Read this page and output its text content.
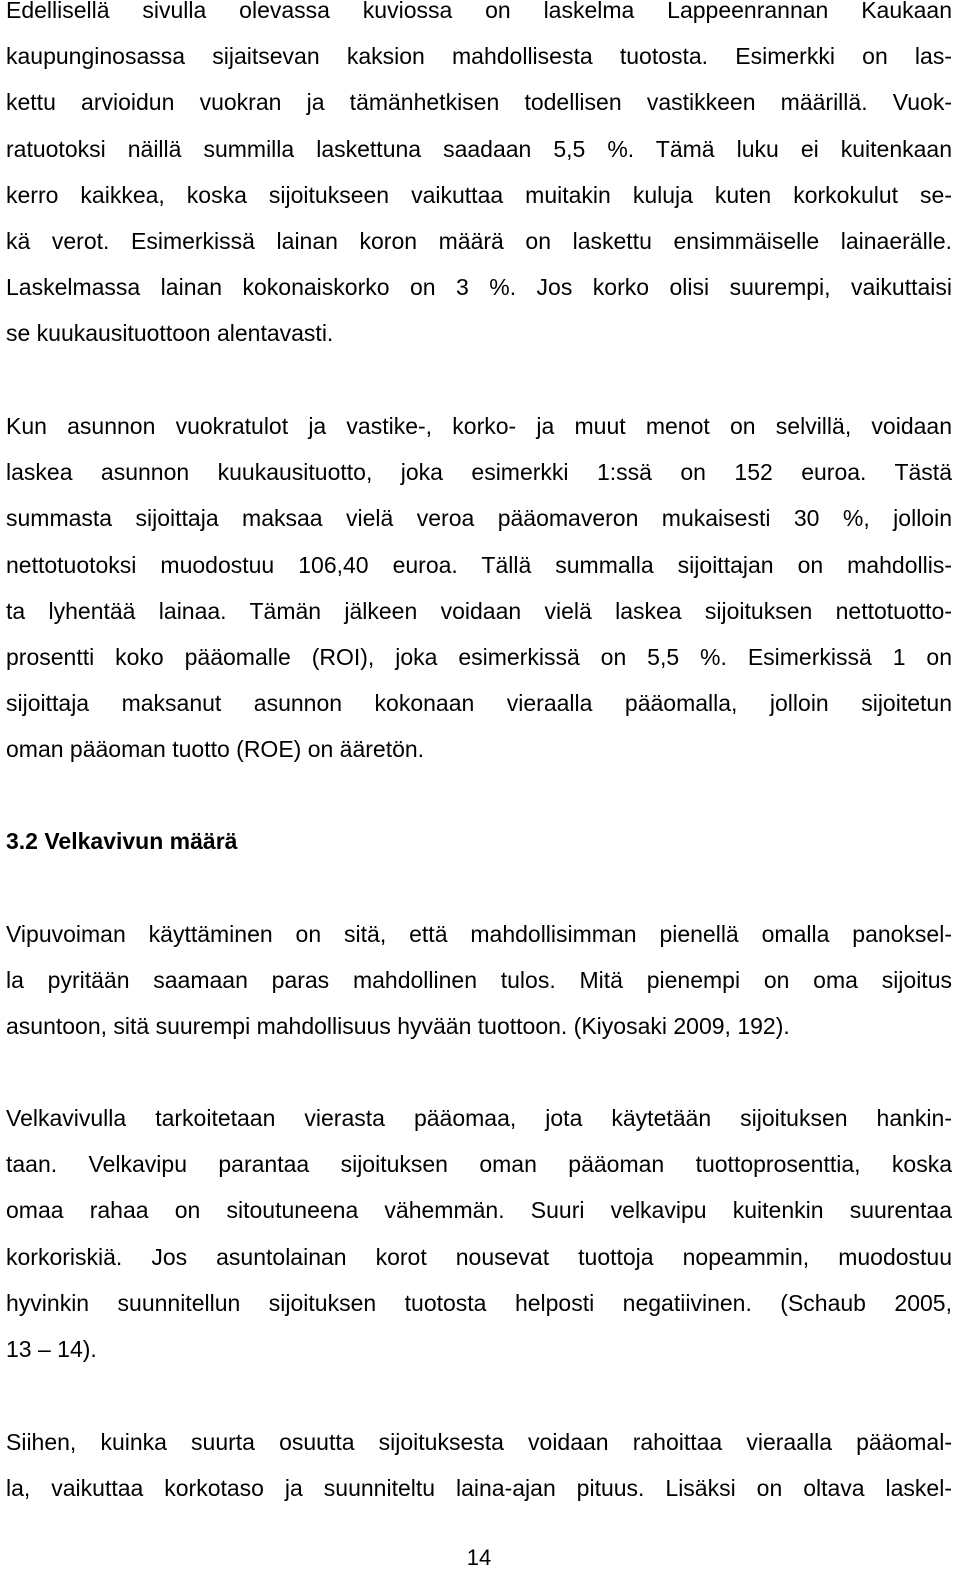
Edellisellä sivulla olevassa kuviossa on laskelma Lappeenrannan Kaukaan
kaupunginosassa sijaitsevan kaksion mahdollisesta tuotosta. Esimerkki on las-
kettu arvioidun vuokran ja tämänhetkisen todellisen vastikkeen määrillä. Vuok-
ratuotoksi näillä summilla laskettuna saadaan 5,5 %. Tämä luku ei kuitenkaan
kerro kaikkea, koska sijoitukseen vaikuttaa muitakin kuluja kuten korkokulut se-
kä verot. Esimerkissä lainan koron määrä on laskettu ensimmäiselle lainaerälle.
Laskelmassa lainan kokonaiskorko on 3 %. Jos korko olisi suurempi, vaikuttaisi
se kuukausituottoon alentavasti.

Kun asunnon vuokratulot ja vastike-, korko- ja muut menot on selvillä, voidaan
laskea asunnon kuukausituotto, joka esimerkki 1:ssä on 152 euroa. Tästä
summasta sijoittaja maksaa vielä veroa pääomaveron mukaisesti 30 %, jolloin
nettotuotoksi muodostuu 106,40 euroa. Tällä summalla sijoittajan on mahdollis-
ta lyhentää lainaa. Tämän jälkeen voidaan vielä laskea sijoituksen nettotuotto-
prosentti koko pääomalle (ROI), joka esimerkissä on 5,5 %. Esimerkissä 1 on
sijoittaja maksanut asunnon kokonaan vieraalla pääomalla, jolloin sijoitetun
oman pääoman tuotto (ROE) on ääretön.

3.2 Velkavivun määrä

Vipuvoiman käyttäminen on sitä, että mahdollisimman pienellä omalla panoksel-
la pyritään saamaan paras mahdollinen tulos. Mitä pienempi on oma sijoitus
asuntoon, sitä suurempi mahdollisuus hyvään tuottoon. (Kiyosaki 2009, 192).

Velkavivulla tarkoitetaan vierasta pääomaa, jota käytetään sijoituksen hankin-
taan. Velkavipu parantaa sijoituksen oman pääoman tuottoprosenttia, koska
omaa rahaa on sitoutuneena vähemmän. Suuri velkavipu kuitenkin suurentaa
korkoriskiä. Jos asuntolainan korot nousevat tuottoja nopeammin, muodostuu
hyvinkin suunnitellun sijoituksen tuotosta helposti negatiivinen. (Schaub 2005,
13 – 14).

Siihen, kuinka suurta osuutta sijoituksesta voidaan rahoittaa vieraalla pääomal-
la, vaikuttaa korkotaso ja suunniteltu laina-ajan pituus. Lisäksi on oltava laskel-

14
